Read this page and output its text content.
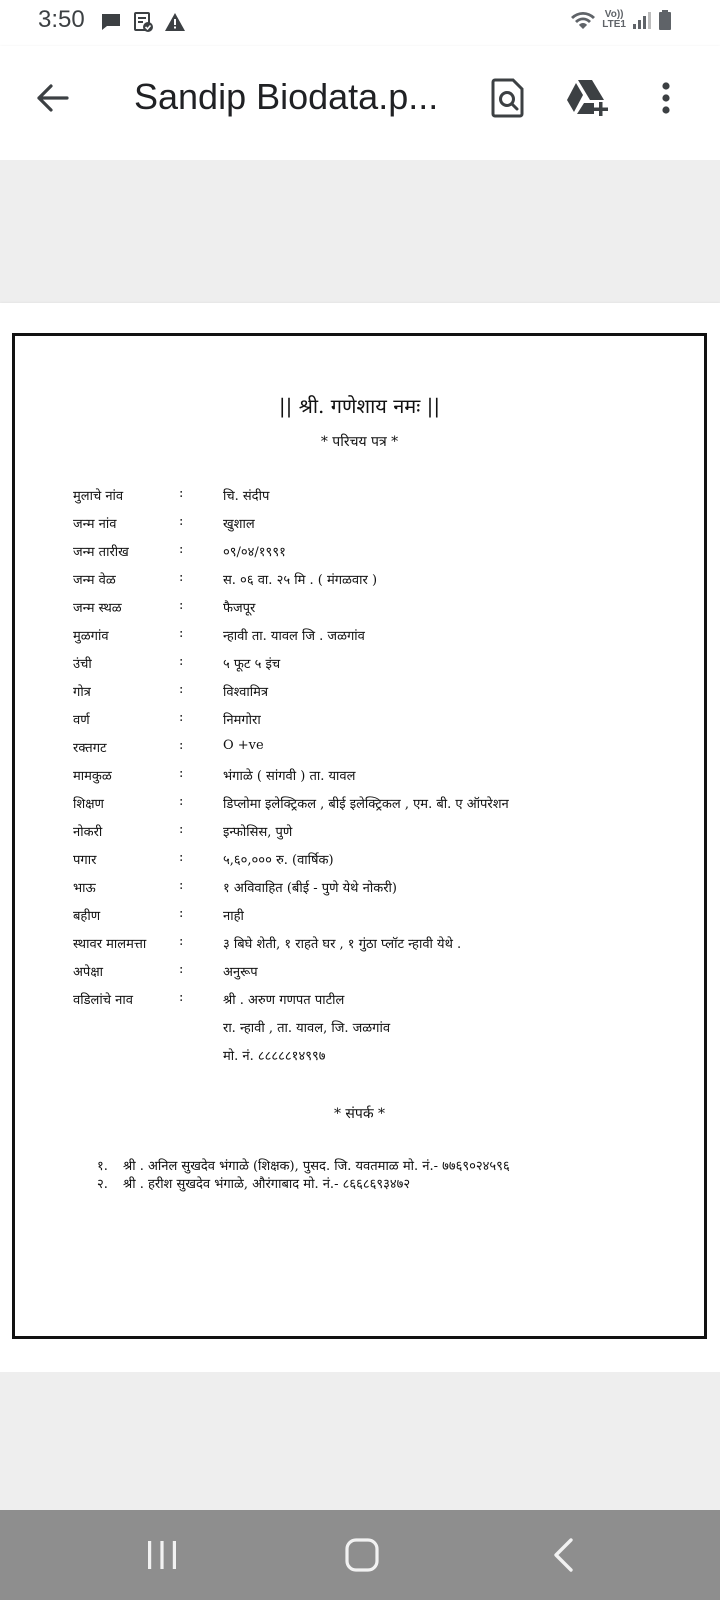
3:50	Vo))
LTE1
Sandip Biodata.p...
|| श्री. गणेशाय नमः ||
* परिचय पत्र *
मुलाचे नांव	:	चि. संदीप
जन्म नांव	:	खुशाल
जन्म तारीख	:	०९/०४/१९९१
जन्म वेळ	:	स. ०६ वा. २५ मि . ( मंगळवार )
जन्म स्थळ	:	फैजपूर
मुळगांव	:	न्हावी ता. यावल जि . जळगांव
उंची	:	५ फूट ५ इंच
गोत्र	:	विश्वामित्र
वर्ण	:	निमगोरा
रक्तगट	:	O +ve
मामकुळ	:	भंगाळे ( सांगवी ) ता. यावल
शिक्षण	:	डिप्लोमा इलेक्ट्रिकल , बीई इलेक्ट्रिकल , एम. बी. ए ऑपरेशन
नोकरी	:	इन्फोसिस, पुणे
पगार	:	५,६०,००० रु. (वार्षिक)
भाऊ	:	१ अविवाहित (बीई - पुणे येथे नोकरी)
बहीण	:	नाही
स्थावर मालमत्ता	:	३ बिघे शेती, १ राहते घर , १ गुंठा प्लॉट न्हावी येथे .
अपेक्षा	:	अनुरूप
वडिलांचे नाव	:	श्री . अरुण गणपत पाटील
रा. न्हावी , ता. यावल, जि. जळगांव
मो. नं. ८८८८८१४९९७
* संपर्क *
१. श्री . अनिल सुखदेव भंगाळे (शिक्षक), पुसद. जि. यवतमाळ मो. नं.- ७७६९०२४५९६
२. श्री . हरीश सुखदेव भंगाळे, औरंगाबाद मो. नं.- ८६६८६९३४७२
